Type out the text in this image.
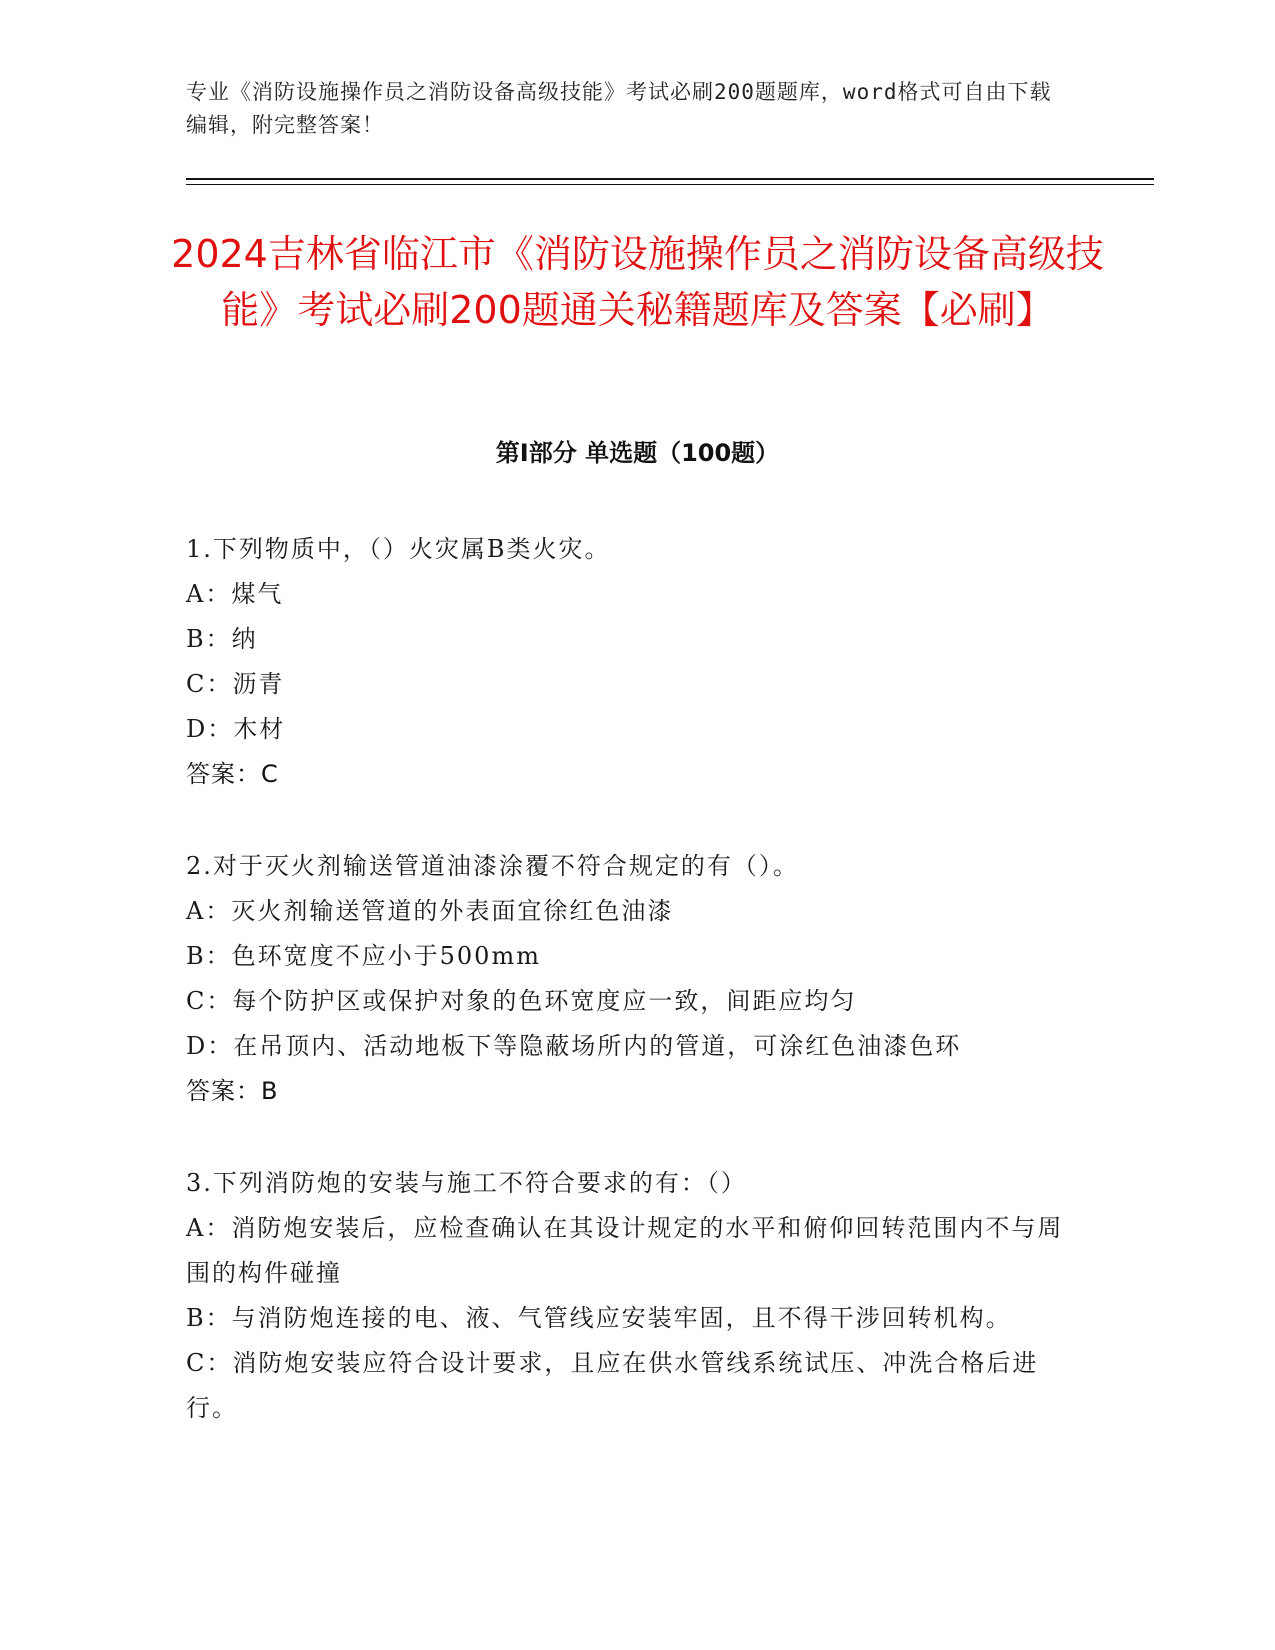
专业《消防设施操作员之消防设备高级技能》考试必刷200题题库，word格式可自由下载编辑，附完整答案！
2024吉林省临江市《消防设施操作员之消防设备高级技能》考试必刷200题通关秘籍题库及答案【必刷】
第I部分 单选题（100题）
1.下列物质中，（）火灾属B类火灾。
A：煤气
B：纳
C：沥青
D：木材
答案：C
2.对于灭火剂输送管道油漆涂覆不符合规定的有（）。
A：灭火剂输送管道的外表面宜徐红色油漆
B：色环宽度不应小于500mm
C：每个防护区或保护对象的色环宽度应一致，间距应均匀
D：在吊顶内、活动地板下等隐蔽场所内的管道，可涂红色油漆色环
答案：B
3.下列消防炮的安装与施工不符合要求的有：（）
A：消防炮安装后，应检查确认在其设计规定的水平和俯仰回转范围内不与周围的构件碰撞
B：与消防炮连接的电、液、气管线应安装牢固，且不得干涉回转机构。
C：消防炮安装应符合设计要求，且应在供水管线系统试压、冲洗合格后进行。
